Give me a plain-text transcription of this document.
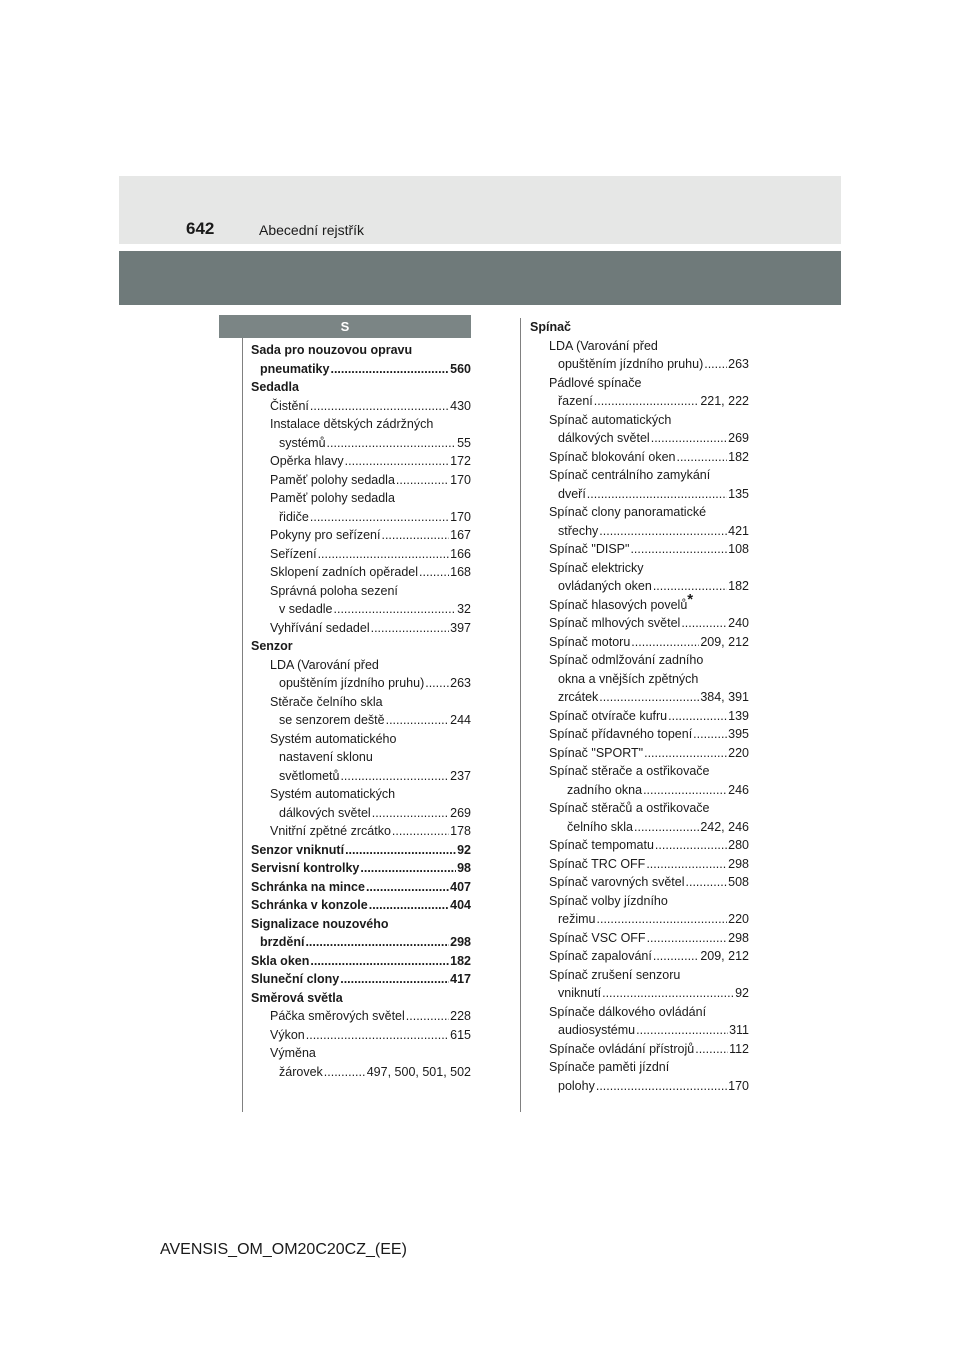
642	Abecední rejstřík
S
Sada pro nouzovou opravu
pneumatiky .....	560
Sedadla
Čistění .....	430
Instalace dětských zádržných
systémů .....	55
Opěrka hlavy .....	172
Paměť polohy sedadla .....	170
Paměť polohy sedadla
řidiče .....	170
Pokyny pro seřízení .....	167
Seřízení .....	166
Sklopení zadních opěradel .....	168
Správná poloha sezení
v sedadle .....	32
Vyhřívání sedadel .....	397
Senzor
LDA (Varování před
opuštěním jízdního pruhu) ..... 263
Stěrače čelního skla
se senzorem deště .....	244
Systém automatického
nastavení sklonu
světlometů .....	237
Systém automatických
dálkových světel .....	269
Vnitřní zpětné zrcátko .....	178
Senzor vniknutí .....	92
Servisní kontrolky .....	98
Schránka na mince .....	407
Schránka v konzole .....	404
Signalizace nouzového
brzdění .....	298
Skla oken .....	182
Sluneční clony .....	417
Směrová světla
Páčka směrových světel .....	228
Výkon .....	615
Výměna
žárovek .....	497, 500, 501, 502
Spínač
LDA (Varování před
opuštěním jízdního pruhu) ..... 263
Pádlové spínače
řazení .....	221, 222
Spínač automatických
dálkových světel .....	269
Spínač blokování oken .....	182
Spínač centrálního zamykání
dveří .....	135
Spínač clony panoramatické
střechy .....	421
Spínač "DISP" .....	108
Spínač elektricky
ovládaných oken .....	182
Spínač hlasových povelů*
Spínač mlhových světel .....	240
Spínač motoru .....	209, 212
Spínač odmlžování zadního
okna a vnějších zpětných
zrcátek .....	384, 391
Spínač otvírače kufru .....	139
Spínač přídavného topení .....	395
Spínač "SPORT" .....	220
Spínač stěrače a ostřikovače
zadního okna .....	246
Spínač stěračů a ostřikovače
čelního skla .....	242, 246
Spínač tempomatu .....	280
Spínač TRC OFF .....	298
Spínač varovných světel .....	508
Spínač volby jízdního
režimu .....	220
Spínač VSC OFF .....	298
Spínač zapalování .....	209, 212
Spínač zrušení senzoru
vniknutí .....	92
Spínače dálkového ovládání
audiosystému .....	311
Spínače ovládání přístrojů .....	112
Spínače paměti jízdní
polohy .....	170
AVENSIS_OM_OM20C20CZ_(EE)
